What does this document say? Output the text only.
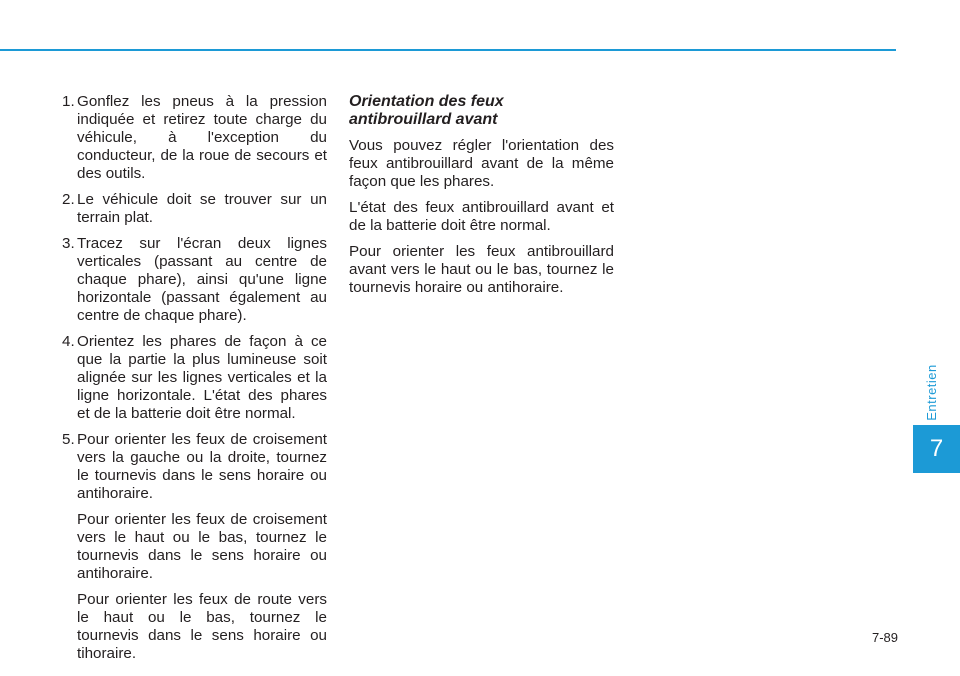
1. Gonflez les pneus à la pression indiquée et retirez toute charge du véhicule, à l'exception du conducteur, de la roue de secours et des outils.
2. Le véhicule doit se trouver sur un terrain plat.
3. Tracez sur l'écran deux lignes verticales (passant au centre de chaque phare), ainsi qu'une ligne horizontale (passant également au centre de chaque phare).
4. Orientez les phares de façon à ce que la partie la plus lumineuse soit alignée sur les lignes verticales et la ligne horizontale. L'état des phares et de la batterie doit être normal.
5. Pour orienter les feux de croisement vers la gauche ou la droite, tournez le tournevis dans le sens horaire ou antihoraire.

Pour orienter les feux de croisement vers le haut ou le bas, tournez le tournevis dans le sens horaire ou antihoraire.

Pour orienter les feux de route vers le haut ou le bas, tournez le tournevis dans le sens horaire ou tihoraire.

Orientation des feux
antibrouillard avant

Vous pouvez régler l'orientation des feux antibrouillard avant de la même façon que les phares.

L'état des feux antibrouillard avant et de la batterie doit être normal.

Pour orienter les feux antibrouillard avant vers le haut ou le bas, tournez le tournevis horaire ou antihoraire.

Entretien
7
7-89
